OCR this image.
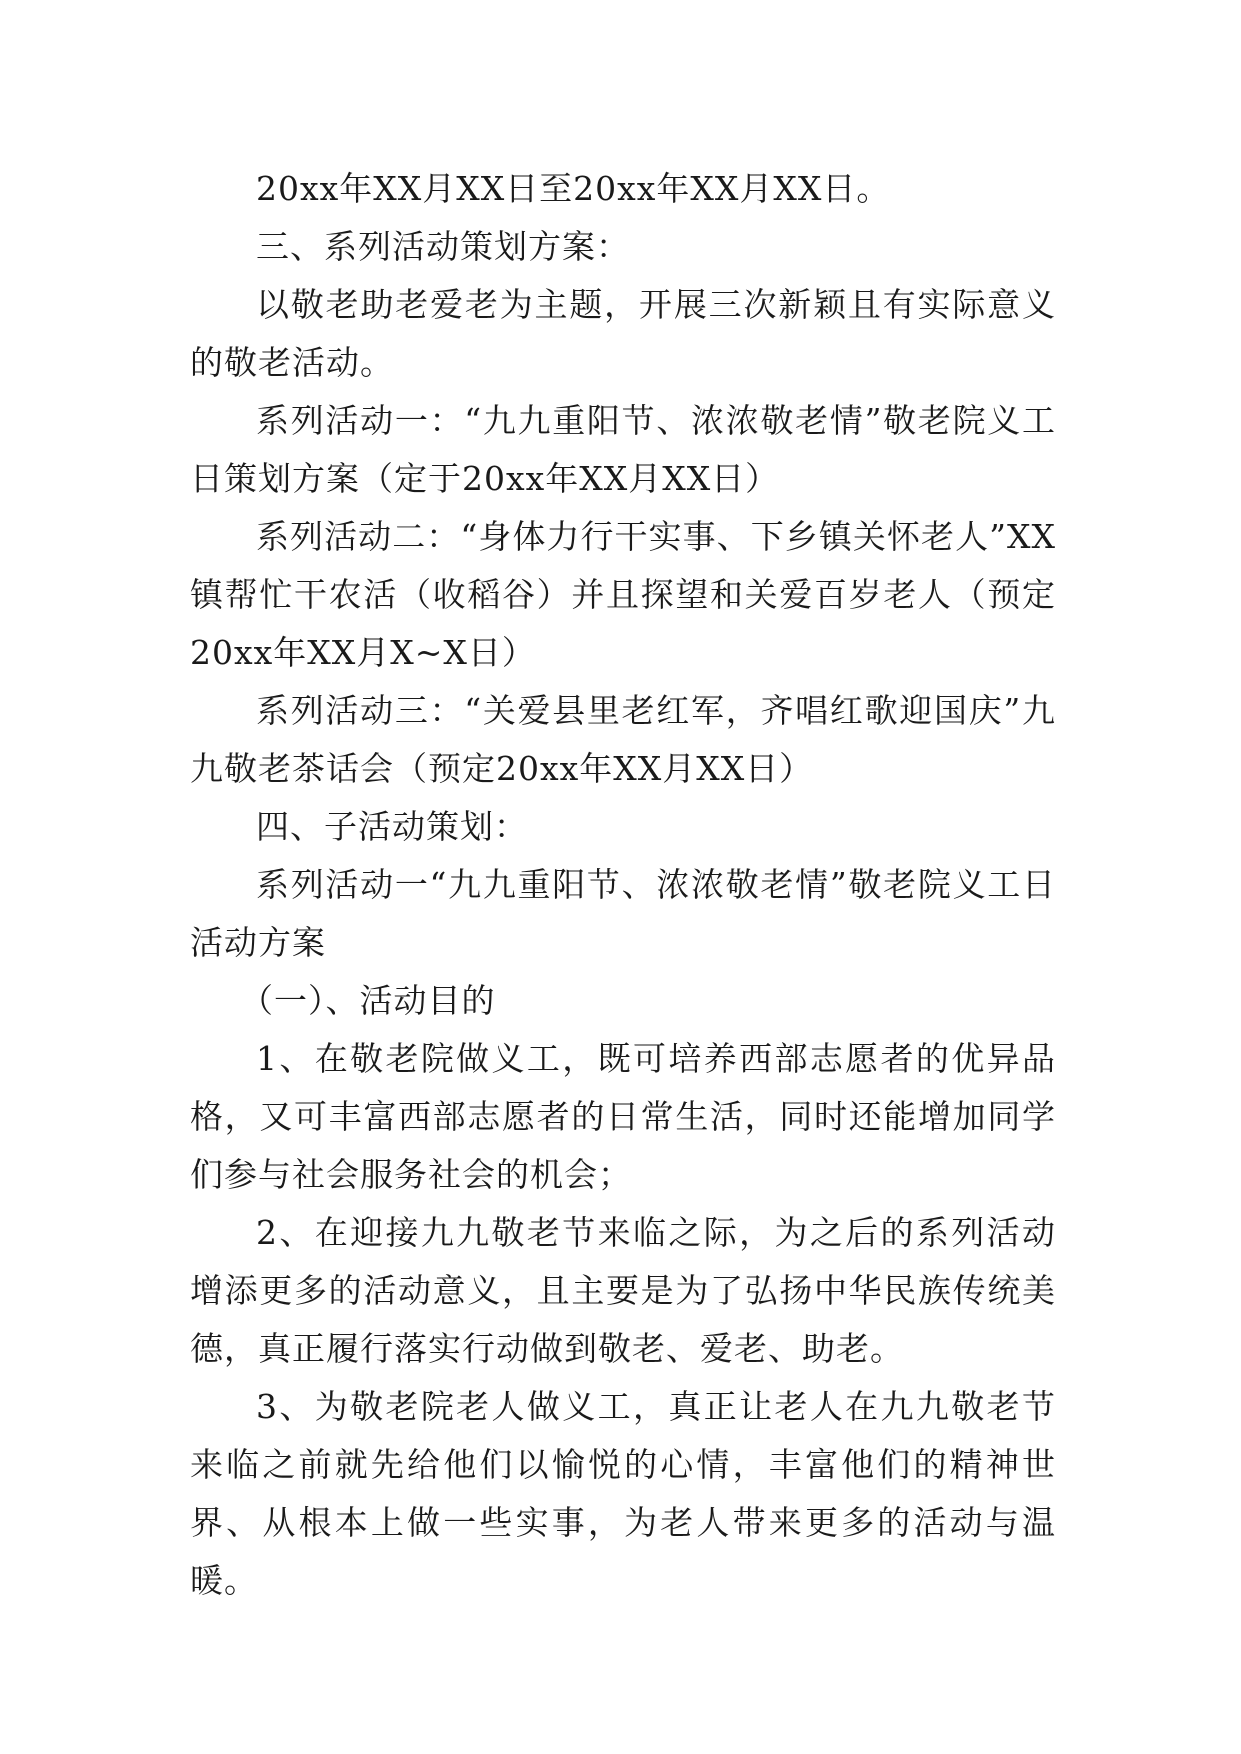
20xx年XX月XX日至20xx年XX月XX日。

三、系列活动策划方案：

以敬老助老爱老为主题，开展三次新颖且有实际意义的敬老活动。

系列活动一：“九九重阳节、浓浓敬老情”敬老院义工日策划方案（定于20xx年XX月XX日）

系列活动二：“身体力行干实事、下乡镇关怀老人”XX镇帮忙干农活（收稻谷）并且探望和关爱百岁老人（预定20xx年XX月X~X日）

系列活动三：“关爱县里老红军，齐唱红歌迎国庆”九九敬老茶话会（预定20xx年XX月XX日）

四、子活动策划：

系列活动一“九九重阳节、浓浓敬老情”敬老院义工日活动方案

（一）、活动目的

1、在敬老院做义工，既可培养西部志愿者的优异品格，又可丰富西部志愿者的日常生活，同时还能增加同学们参与社会服务社会的机会；

2、在迎接九九敬老节来临之际，为之后的系列活动增添更多的活动意义，且主要是为了弘扬中华民族传统美德，真正履行落实行动做到敬老、爱老、助老。

3、为敬老院老人做义工，真正让老人在九九敬老节来临之前就先给他们以愉悦的心情，丰富他们的精神世界、从根本上做一些实事，为老人带来更多的活动与温暖。
